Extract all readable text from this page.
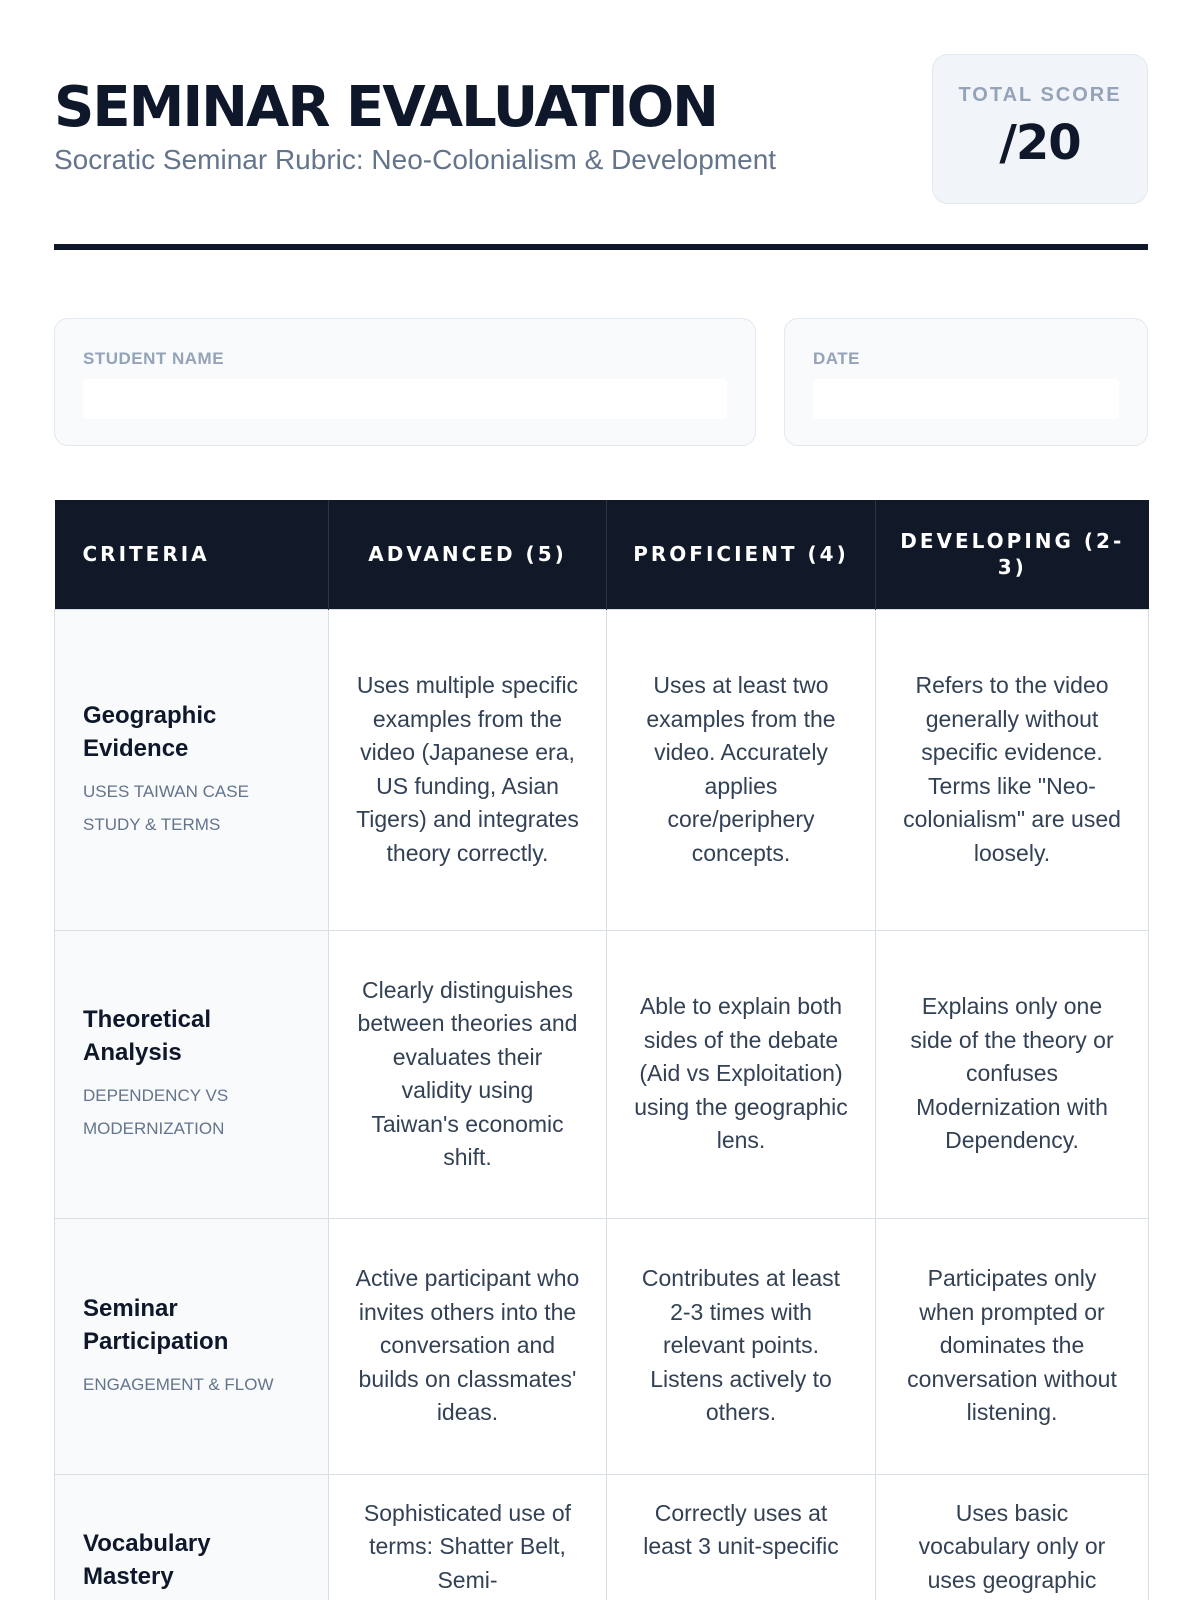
SEMINAR EVALUATION
Socratic Seminar Rubric: Neo-Colonialism & Development
TOTAL SCORE
/20
STUDENT NAME	DATE
CRITERIA	ADVANCED (5)	PROFICIENT (4)	DEVELOPING (2-3)

Geographic Evidence
USES TAIWAN CASE STUDY & TERMS	Uses multiple specific examples from the video (Japanese era, US funding, Asian Tigers) and integrates theory correctly.	Uses at least two examples from the video. Accurately applies core/periphery concepts.	Refers to the video generally without specific evidence. Terms like "Neo-colonialism" are used loosely.

Theoretical Analysis
DEPENDENCY VS MODERNIZATION	Clearly distinguishes between theories and evaluates their validity using Taiwan's economic shift.	Able to explain both sides of the debate (Aid vs Exploitation) using the geographic lens.	Explains only one side of the theory or confuses Modernization with Dependency.

Seminar Participation
ENGAGEMENT & FLOW	Active participant who invites others into the conversation and builds on classmates' ideas.	Contributes at least 2-3 times with relevant points. Listens actively to others.	Participates only when prompted or dominates the conversation without listening.

Vocabulary Mastery	Sophisticated use of terms: Shatter Belt, Semi-	Correctly uses at least 3 unit-specific	Uses basic vocabulary only or uses geographic
